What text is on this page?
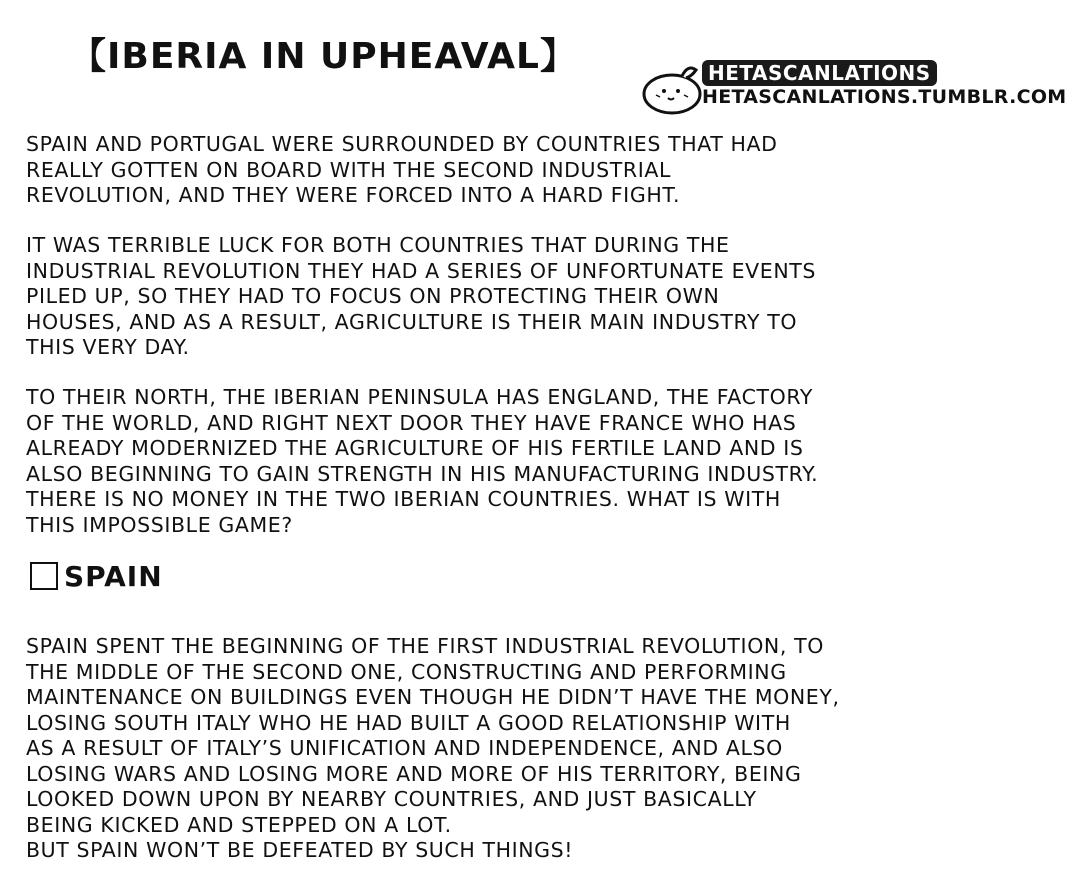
【IBERIA IN UPHEAVAL】	HETASCANLATIONS
HETASCANLATIONS.TUMBLR.COM

SPAIN AND PORTUGAL WERE SURROUNDED BY COUNTRIES THAT HAD
REALLY GOTTEN ON BOARD WITH THE SECOND INDUSTRIAL
REVOLUTION, AND THEY WERE FORCED INTO A HARD FIGHT.

IT WAS TERRIBLE LUCK FOR BOTH COUNTRIES THAT DURING THE
INDUSTRIAL REVOLUTION THEY HAD A SERIES OF UNFORTUNATE EVENTS
PILED UP, SO THEY HAD TO FOCUS ON PROTECTING THEIR OWN
HOUSES, AND AS A RESULT, AGRICULTURE IS THEIR MAIN INDUSTRY TO
THIS VERY DAY.

TO THEIR NORTH, THE IBERIAN PENINSULA HAS ENGLAND, THE FACTORY
OF THE WORLD, AND RIGHT NEXT DOOR THEY HAVE FRANCE WHO HAS
ALREADY MODERNIZED THE AGRICULTURE OF HIS FERTILE LAND AND IS
ALSO BEGINNING TO GAIN STRENGTH IN HIS MANUFACTURING INDUSTRY.
THERE IS NO MONEY IN THE TWO IBERIAN COUNTRIES. WHAT IS WITH
THIS IMPOSSIBLE GAME?

SPAIN

SPAIN SPENT THE BEGINNING OF THE FIRST INDUSTRIAL REVOLUTION, TO
THE MIDDLE OF THE SECOND ONE, CONSTRUCTING AND PERFORMING
MAINTENANCE ON BUILDINGS EVEN THOUGH HE DIDN’T HAVE THE MONEY,
LOSING SOUTH ITALY WHO HE HAD BUILT A GOOD RELATIONSHIP WITH
AS A RESULT OF ITALY’S UNIFICATION AND INDEPENDENCE, AND ALSO
LOSING WARS AND LOSING MORE AND MORE OF HIS TERRITORY, BEING
LOOKED DOWN UPON BY NEARBY COUNTRIES, AND JUST BASICALLY
BEING KICKED AND STEPPED ON A LOT.
BUT SPAIN WON’T BE DEFEATED BY SUCH THINGS!
